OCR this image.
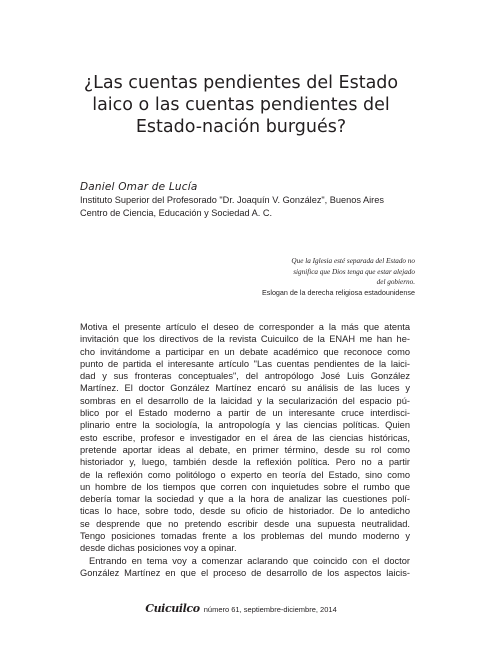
¿Las cuentas pendientes del Estado
laico o las cuentas pendientes del
Estado-nación burgués?
Daniel Omar de Lucía
Instituto Superior del Profesorado "Dr. Joaquín V. González", Buenos Aires
Centro de Ciencia, Educación y Sociedad A. C.
Que la Iglesia esté separada del Estado no
significa que Dios tenga que estar alejado
del gobierno.
Eslogan de la derecha religiosa estadounidense
Motiva el presente artículo el deseo de corresponder a la más que atenta
invitación que los directivos de la revista Cuicuilco de la ENAH me han he-
cho invitándome a participar en un debate académico que reconoce como
punto de partida el interesante artículo "Las cuentas pendientes de la laici-
dad y sus fronteras conceptuales", del antropólogo José Luis González
Martínez. El doctor González Martínez encaró su análisis de las luces y
sombras en el desarrollo de la laicidad y la secularización del espacio pú-
blico por el Estado moderno a partir de un interesante cruce interdisci-
plinario entre la sociología, la antropología y las ciencias políticas. Quien
esto escribe, profesor e investigador en el área de las ciencias históricas,
pretende aportar ideas al debate, en primer término, desde su rol como
historiador y, luego, también desde la reflexión política. Pero no a partir
de la reflexión como politólogo o experto en teoría del Estado, sino como
un hombre de los tiempos que corren con inquietudes sobre el rumbo que
debería tomar la sociedad y que a la hora de analizar las cuestiones polí-
ticas lo hace, sobre todo, desde su oficio de historiador. De lo antedicho
se desprende que no pretendo escribir desde una supuesta neutralidad.
Tengo posiciones tomadas frente a los problemas del mundo moderno y
desde dichas posiciones voy a opinar.
Entrando en tema voy a comenzar aclarando que coincido con el doctor
González Martínez en que el proceso de desarrollo de los aspectos laicis-
Cuicuilco número 61, septiembre-diciembre, 2014
